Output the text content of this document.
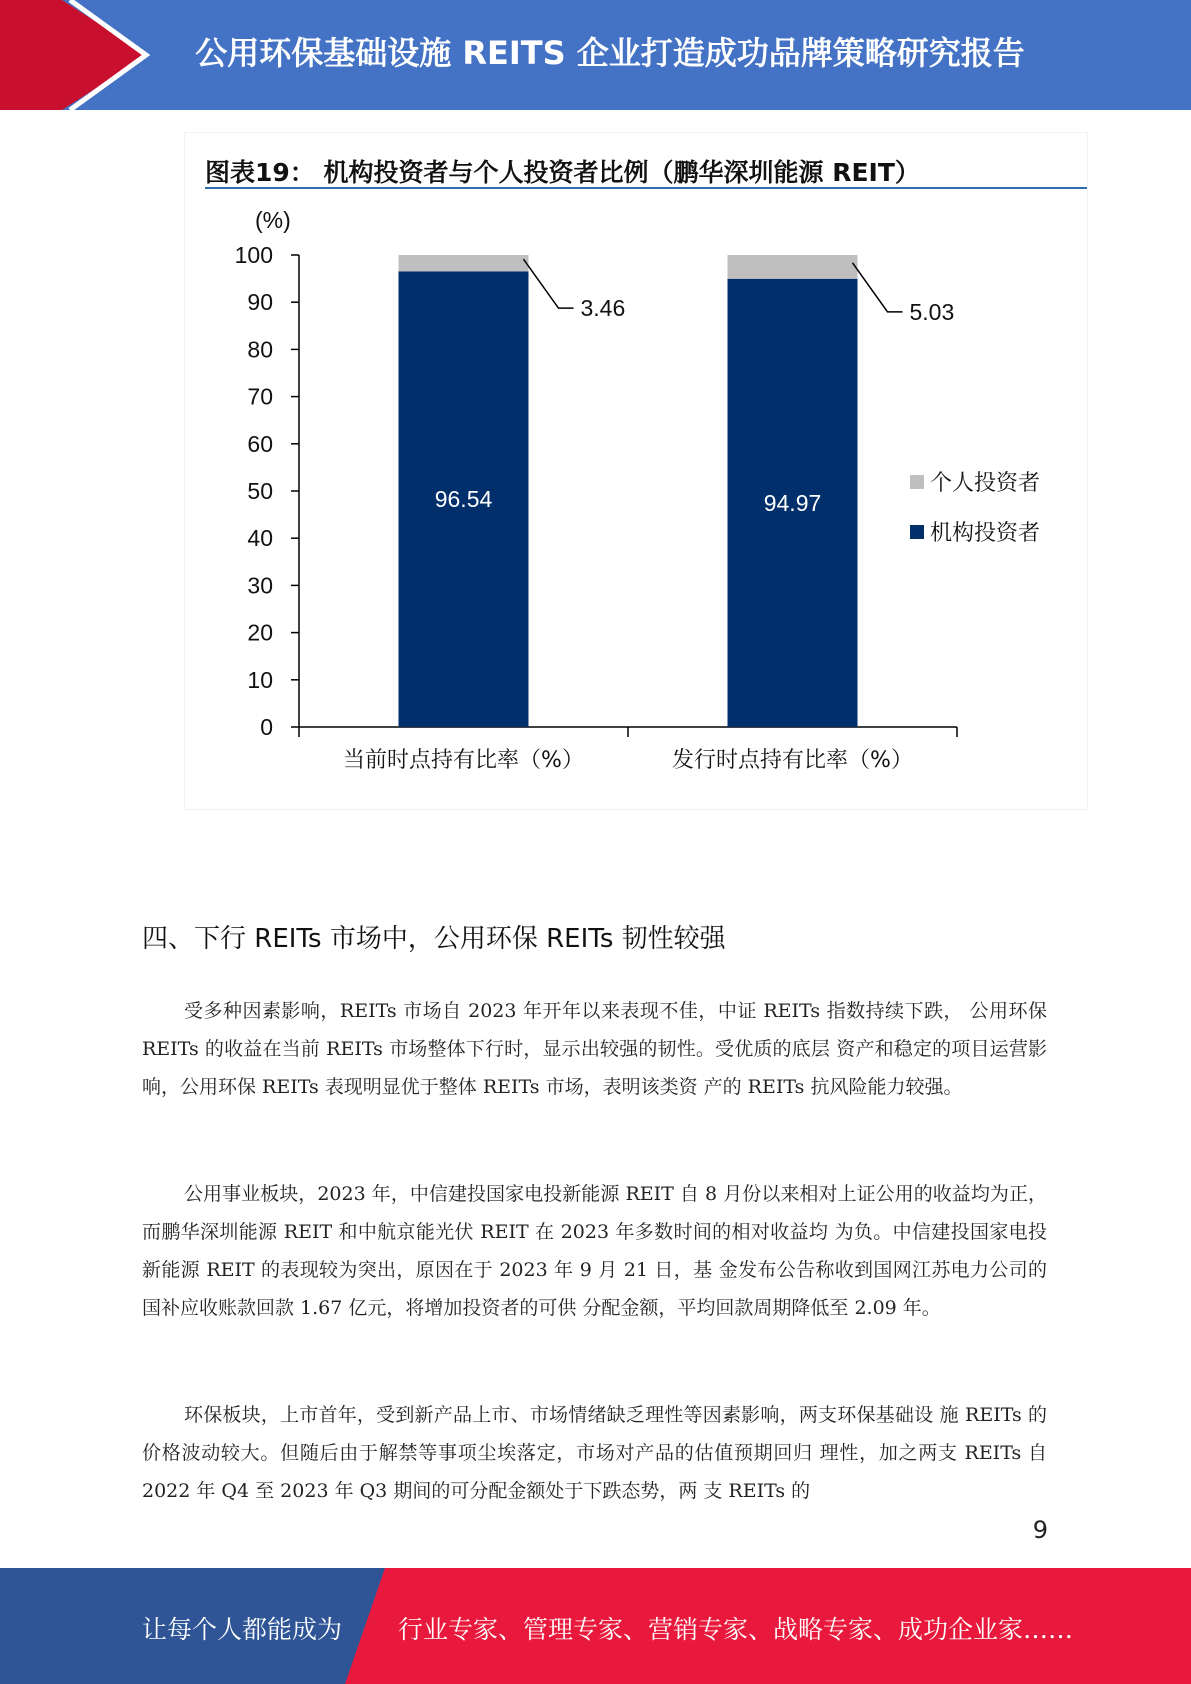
公用环保基础设施 REITS 企业打造成功品牌策略研究报告
图表19： 机构投资者与个人投资者比例（鹏华深圳能源 REIT）
(%)
0
10
20
30
40
50
60
70
80
90
100
96.54
3.46
当前时点持有比率（%）
94.97
5.03
发行时点持有比率（%）
个人投资者
机构投资者
四、下行 REITs 市场中，公用环保 REITs 韧性较强

受多种因素影响，REITs 市场自 2023 年开年以来表现不佳，中证 REITs 指数持续下跌， 公用环保 REITs 的收益在当前 REITs 市场整体下行时，显示出较强的韧性。受优质的底层 资产和稳定的项目运营影响，公用环保 REITs 表现明显优于整体 REITs 市场，表明该类资 产的 REITs 抗风险能力较强。

公用事业板块，2023 年，中信建投国家电投新能源 REIT 自 8 月份以来相对上证公用的收益均为正，而鹏华深圳能源 REIT 和中航京能光伏 REIT 在 2023 年多数时间的相对收益均 为负。中信建投国家电投新能源 REIT 的表现较为突出，原因在于 2023 年 9 月 21 日，基 金发布公告称收到国网江苏电力公司的国补应收账款回款 1.67 亿元，将增加投资者的可供 分配金额，平均回款周期降低至 2.09 年。

环保板块，上市首年，受到新产品上市、市场情绪缺乏理性等因素影响，两支环保基础设 施 REITs 的价格波动较大。但随后由于解禁等事项尘埃落定，市场对产品的估值预期回归 理性，加之两支 REITs 自 2022 年 Q4 至 2023 年 Q3 期间的可分配金额处于下跌态势，两 支 REITs 的

9
让每个人都能成为 行业专家、管理专家、营销专家、战略专家、成功企业家……
